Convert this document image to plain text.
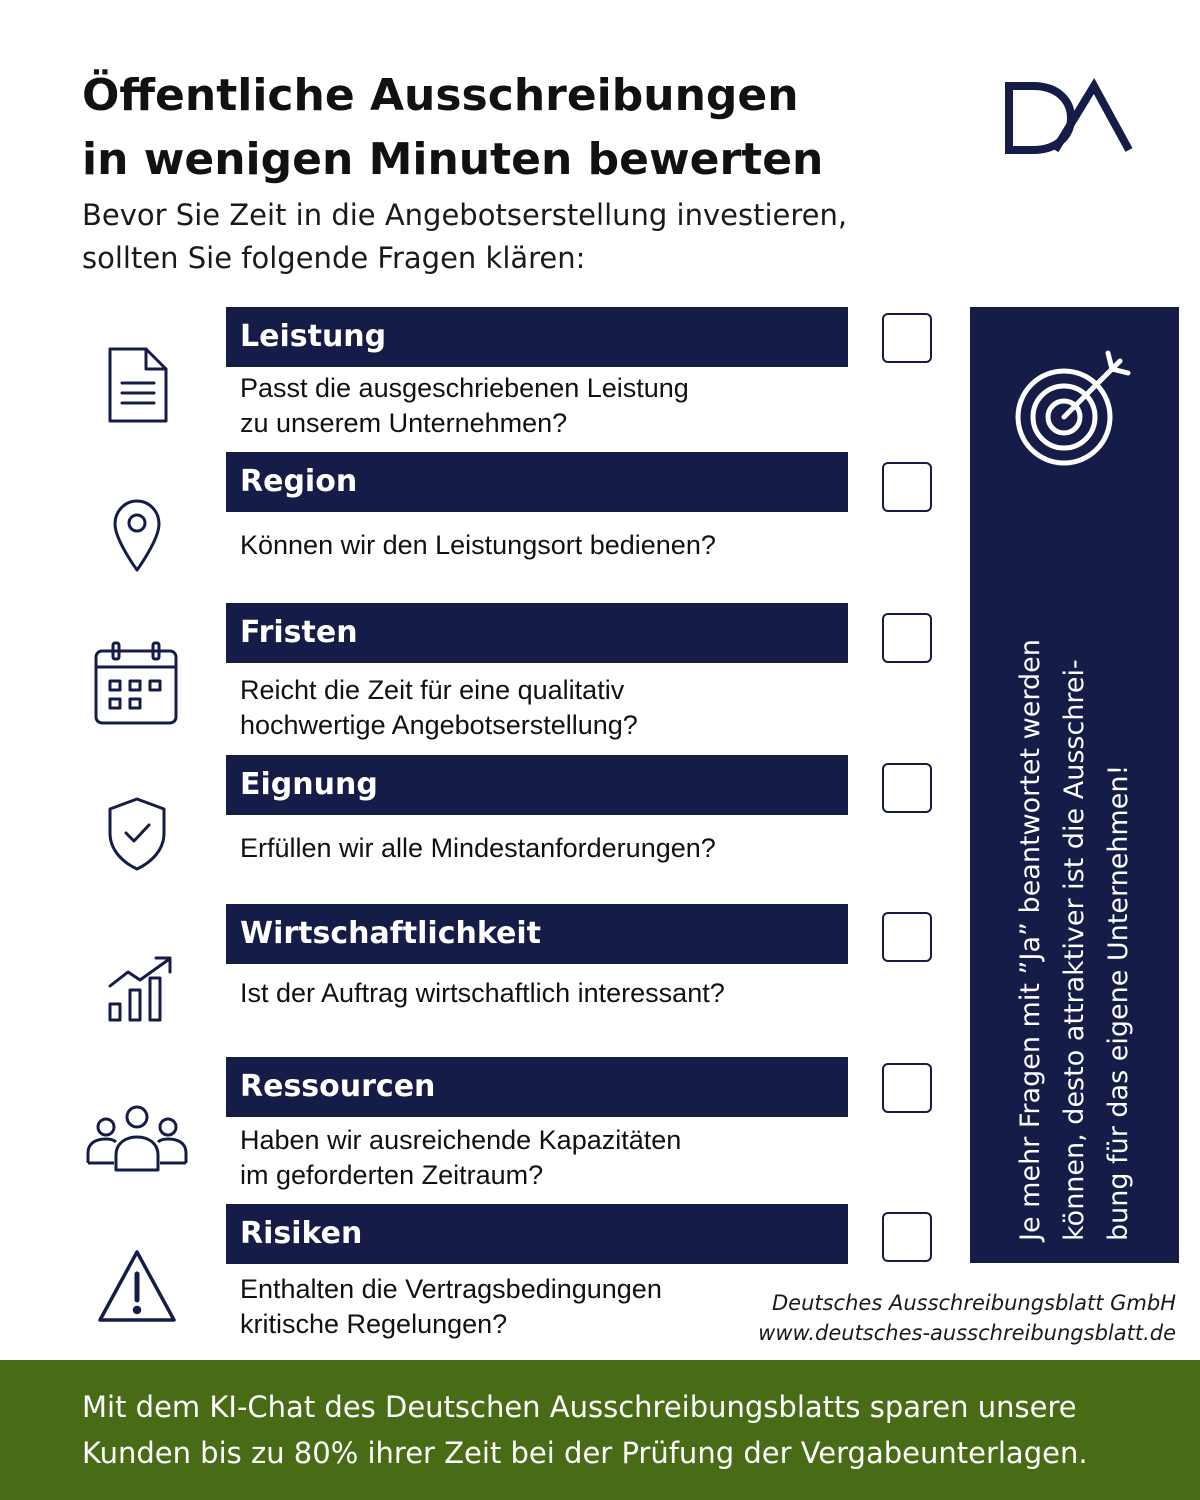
Öffentliche Ausschreibungen
in wenigen Minuten bewerten

Bevor Sie Zeit in die Angebotserstellung investieren,
sollten Sie folgende Fragen klären:

Leistung
Passt die ausgeschriebenen Leistung
zu unserem Unternehmen?
Region
Können wir den Leistungsort bedienen?
Fristen
Reicht die Zeit für eine qualitativ
hochwertige Angebotserstellung?
Eignung
Erfüllen wir alle Mindestanforderungen?
Wirtschaftlichkeit
Ist der Auftrag wirtschaftlich interessant?
Ressourcen
Haben wir ausreichende Kapazitäten
im geforderten Zeitraum?
Risiken
Enthalten die Vertragsbedingungen
kritische Regelungen?
Je mehr Fragen mit ”Ja” beantwortet werden können, desto attraktiver ist die Ausschrei- bung für das eigene Unternehmen!
Deutsches Ausschreibungsblatt GmbH
www.deutsches-ausschreibungsblatt.de
Mit dem KI-Chat des Deutschen Ausschreibungsblatts sparen unsere
Kunden bis zu 80% ihrer Zeit bei der Prüfung der Vergabeunterlagen.
